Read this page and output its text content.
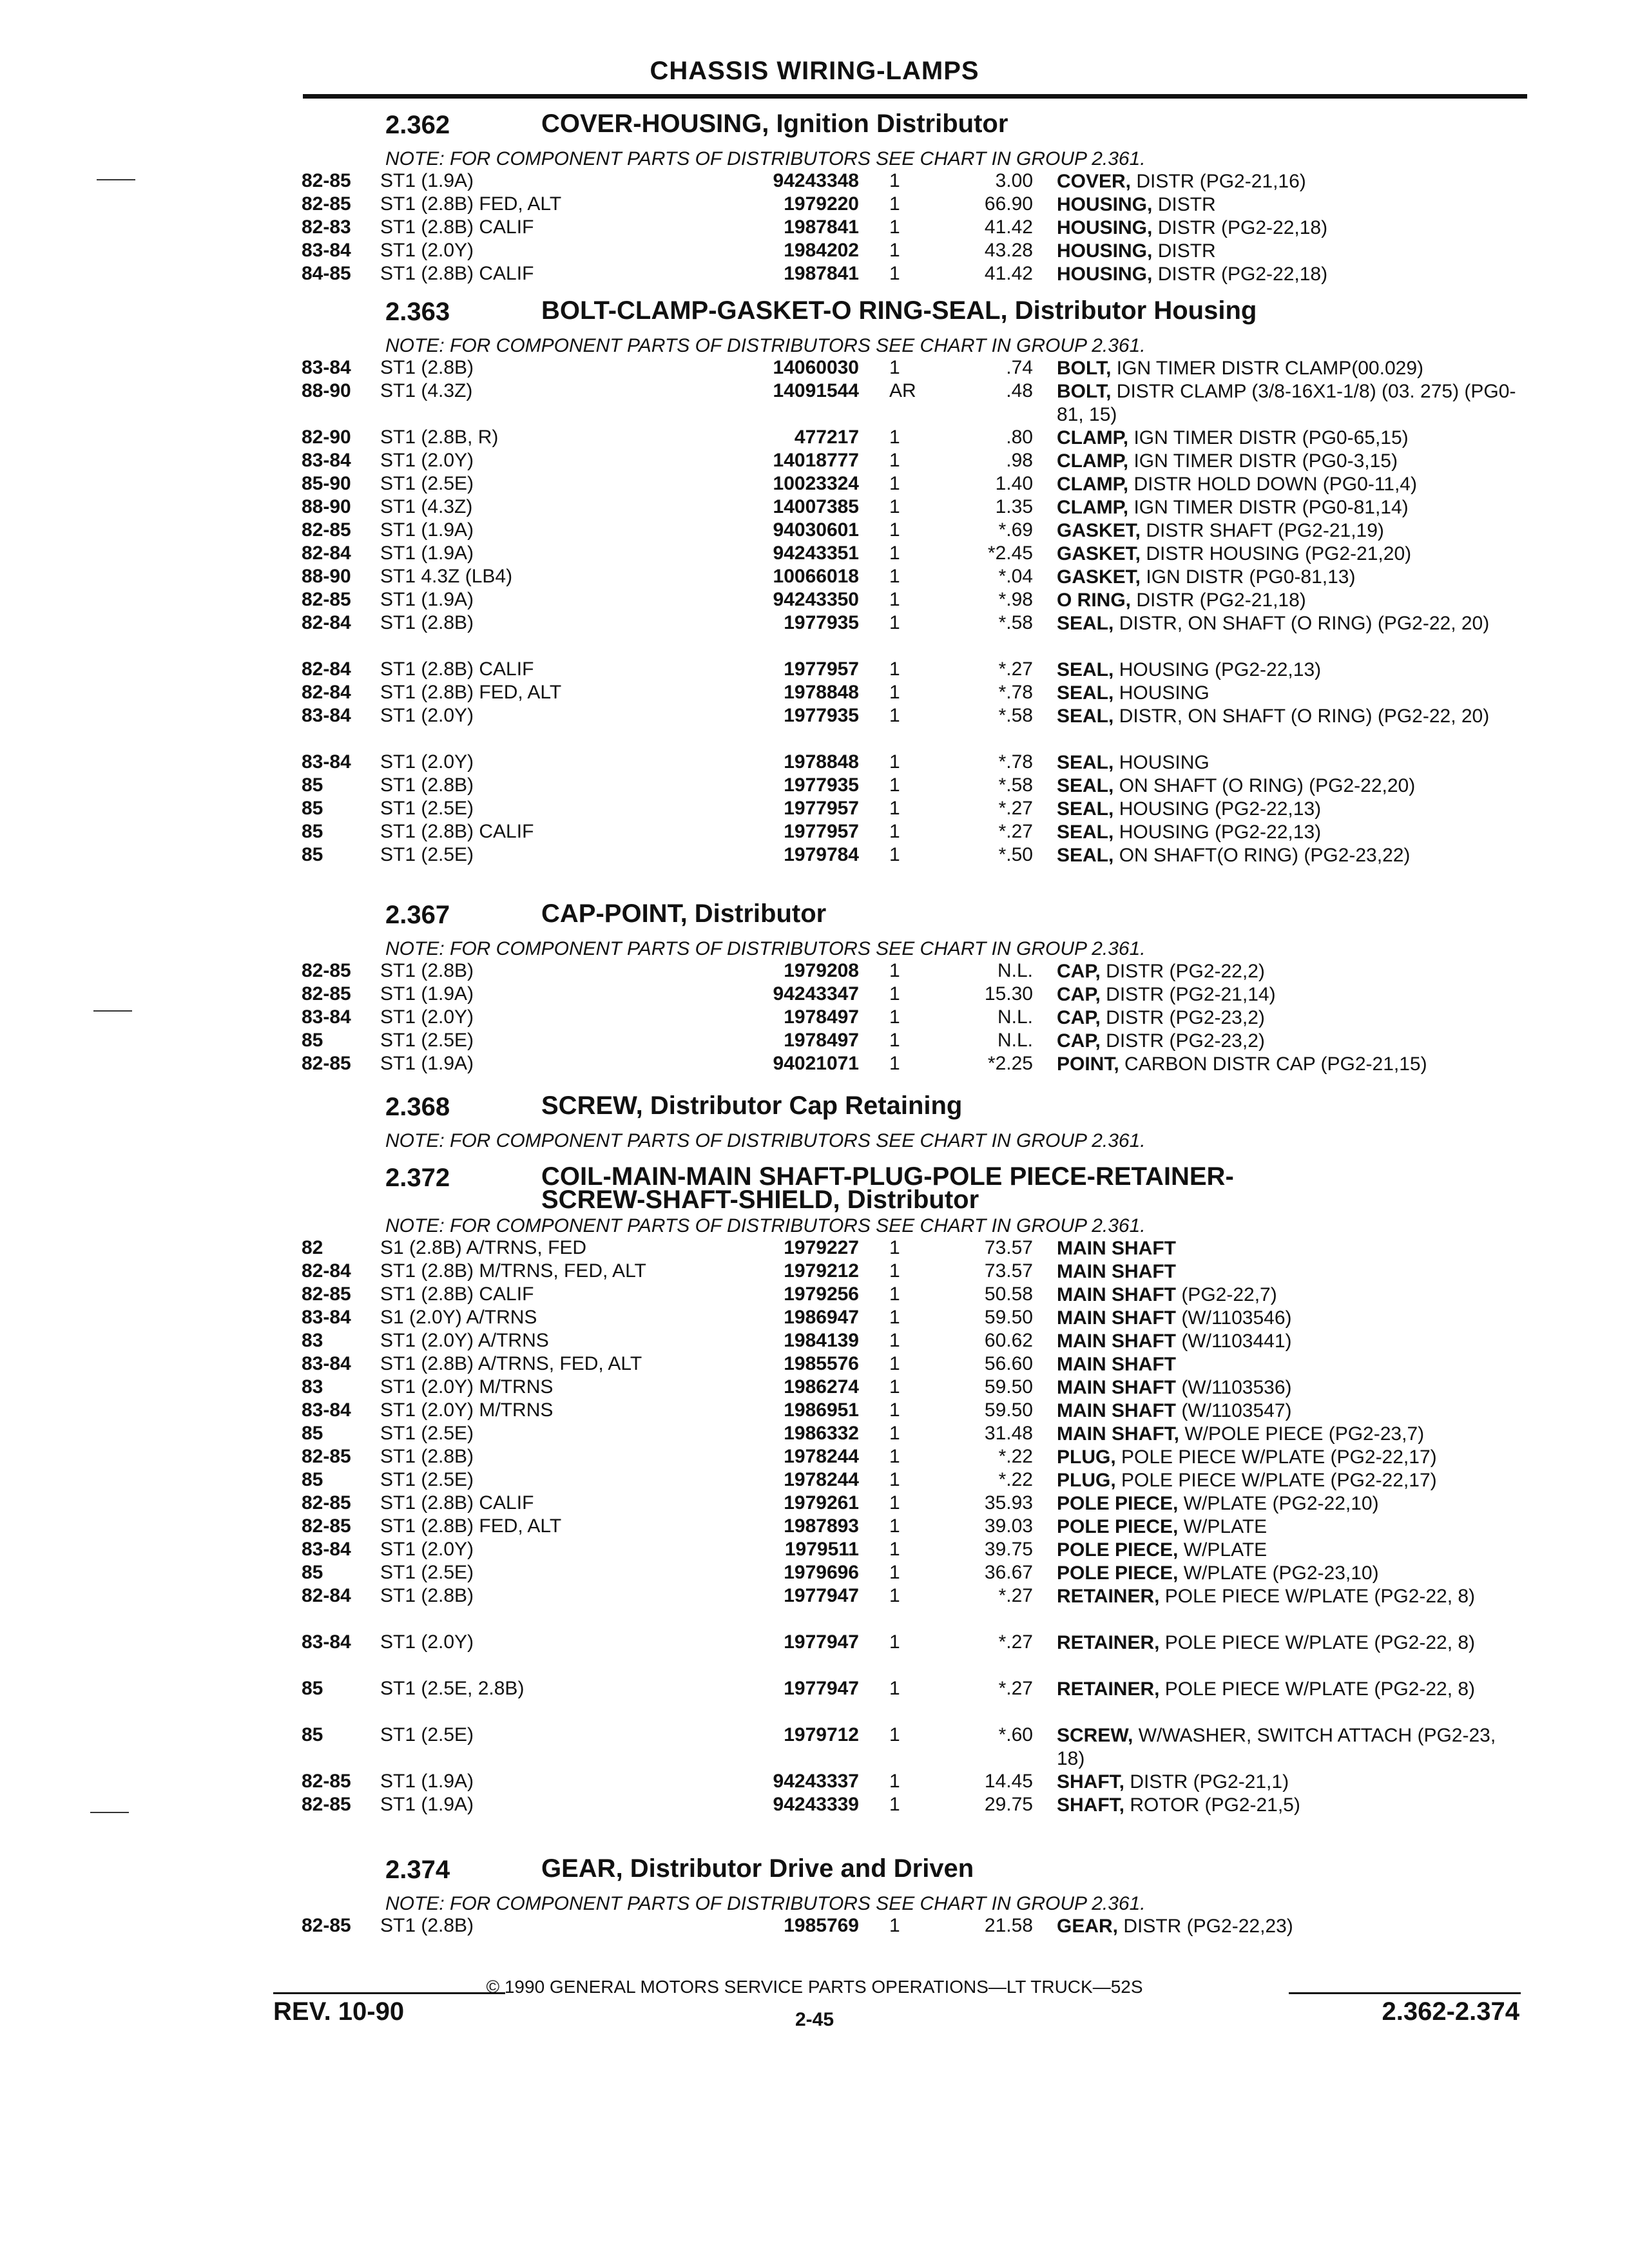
CHASSIS WIRING-LAMPS
2.362	COVER-HOUSING, Ignition Distributor
NOTE: FOR COMPONENT PARTS OF DISTRIBUTORS SEE CHART IN GROUP 2.361.
82-85 ST1 (1.9A)	94243348 1	3.00 COVER, DISTR (PG2-21,16)
82-85 ST1 (2.8B) FED, ALT	1979220 1	66.90 HOUSING, DISTR
82-83 ST1 (2.8B) CALIF	1987841 1	41.42 HOUSING, DISTR (PG2-22,18)
83-84 ST1 (2.0Y)	1984202 1	43.28 HOUSING, DISTR
84-85 ST1 (2.8B) CALIF	1987841 1	41.42 HOUSING, DISTR (PG2-22,18)
2.363	BOLT-CLAMP-GASKET-O RING-SEAL, Distributor Housing
NOTE: FOR COMPONENT PARTS OF DISTRIBUTORS SEE CHART IN GROUP 2.361.
83-84 ST1 (2.8B)	14060030 1	.74 BOLT, IGN TIMER DISTR CLAMP(00.029)
88-90 ST1 (4.3Z)	14091544 AR	.48 BOLT, DISTR CLAMP (3/8-16X1-1/8) (03. 275) (PG0-81, 15)
82-90 ST1 (2.8B, R)	477217 1	.80 CLAMP, IGN TIMER DISTR (PG0-65,15)
83-84 ST1 (2.0Y)	14018777 1	.98 CLAMP, IGN TIMER DISTR (PG0-3,15)
85-90 ST1 (2.5E)	10023324 1	1.40 CLAMP, DISTR HOLD DOWN (PG0-11,4)
88-90 ST1 (4.3Z)	14007385 1	1.35 CLAMP, IGN TIMER DISTR (PG0-81,14)
82-85 ST1 (1.9A)	94030601 1	*.69 GASKET, DISTR SHAFT (PG2-21,19)
82-84 ST1 (1.9A)	94243351 1	*2.45 GASKET, DISTR HOUSING (PG2-21,20)
88-90 ST1 4.3Z (LB4)	10066018 1	*.04 GASKET, IGN DISTR (PG0-81,13)
82-85 ST1 (1.9A)	94243350 1	*.98 O RING, DISTR (PG2-21,18)
82-84 ST1 (2.8B)	1977935 1	*.58 SEAL, DISTR, ON SHAFT (O RING) (PG2-22, 20)
82-84 ST1 (2.8B) CALIF	1977957 1	*.27 SEAL, HOUSING (PG2-22,13)
82-84 ST1 (2.8B) FED, ALT	1978848 1	*.78 SEAL, HOUSING
83-84 ST1 (2.0Y)	1977935 1	*.58 SEAL, DISTR, ON SHAFT (O RING) (PG2-22, 20)
83-84 ST1 (2.0Y)	1978848 1	*.78 SEAL, HOUSING
85	ST1 (2.8B)	1977935 1	*.58 SEAL, ON SHAFT (O RING) (PG2-22,20)
85	ST1 (2.5E)	1977957 1	*.27 SEAL, HOUSING (PG2-22,13)
85	ST1 (2.8B) CALIF	1977957 1	*.27 SEAL, HOUSING (PG2-22,13)
85	ST1 (2.5E)	1979784 1	*.50 SEAL, ON SHAFT(O RING) (PG2-23,22)
2.367	CAP-POINT, Distributor
NOTE: FOR COMPONENT PARTS OF DISTRIBUTORS SEE CHART IN GROUP 2.361.
82-85 ST1 (2.8B)	1979208 1	N.L. CAP, DISTR (PG2-22,2)
82-85 ST1 (1.9A)	94243347 1	15.30 CAP, DISTR (PG2-21,14)
83-84 ST1 (2.0Y)	1978497 1	N.L. CAP, DISTR (PG2-23,2)
85	ST1 (2.5E)	1978497 1	N.L. CAP, DISTR (PG2-23,2)
82-85 ST1 (1.9A)	94021071 1	*2.25 POINT, CARBON DISTR CAP (PG2-21,15)
2.368	SCREW, Distributor Cap Retaining
NOTE: FOR COMPONENT PARTS OF DISTRIBUTORS SEE CHART IN GROUP 2.361.
2.372	COIL-MAIN-MAIN SHAFT-PLUG-POLE PIECE-RETAINER-
SCREW-SHAFT-SHIELD, Distributor
NOTE: FOR COMPONENT PARTS OF DISTRIBUTORS SEE CHART IN GROUP 2.361.
82	S1 (2.8B) A/TRNS, FED	1979227 1	73.57 MAIN SHAFT
82-84 ST1 (2.8B) M/TRNS, FED, ALT	1979212 1	73.57 MAIN SHAFT
82-85 ST1 (2.8B) CALIF	1979256 1	50.58 MAIN SHAFT (PG2-22,7)
83-84 S1 (2.0Y) A/TRNS	1986947 1	59.50 MAIN SHAFT (W/1103546)
83	ST1 (2.0Y) A/TRNS	1984139 1	60.62 MAIN SHAFT (W/1103441)
83-84 ST1 (2.8B) A/TRNS, FED, ALT	1985576 1	56.60 MAIN SHAFT
83	ST1 (2.0Y) M/TRNS	1986274 1	59.50 MAIN SHAFT (W/1103536)
83-84 ST1 (2.0Y) M/TRNS	1986951 1	59.50 MAIN SHAFT (W/1103547)
85	ST1 (2.5E)	1986332 1	31.48 MAIN SHAFT, W/POLE PIECE (PG2-23,7)
82-85 ST1 (2.8B)	1978244 1	*.22 PLUG, POLE PIECE W/PLATE (PG2-22,17)
85	ST1 (2.5E)	1978244 1	*.22 PLUG, POLE PIECE W/PLATE (PG2-22,17)
82-85 ST1 (2.8B) CALIF	1979261 1	35.93 POLE PIECE, W/PLATE (PG2-22,10)
82-85 ST1 (2.8B) FED, ALT	1987893 1	39.03 POLE PIECE, W/PLATE
83-84 ST1 (2.0Y)	1979511 1	39.75 POLE PIECE, W/PLATE
85	ST1 (2.5E)	1979696 1	36.67 POLE PIECE, W/PLATE (PG2-23,10)
82-84 ST1 (2.8B)	1977947 1	*.27 RETAINER, POLE PIECE W/PLATE (PG2-22, 8)
83-84 ST1 (2.0Y)	1977947 1	*.27 RETAINER, POLE PIECE W/PLATE (PG2-22, 8)
85	ST1 (2.5E, 2.8B)	1977947 1	*.27 RETAINER, POLE PIECE W/PLATE (PG2-22, 8)
85	ST1 (2.5E)	1979712 1	*.60 SCREW, W/WASHER, SWITCH ATTACH (PG2-23, 18)
82-85 ST1 (1.9A)	94243337 1	14.45 SHAFT, DISTR (PG2-21,1)
82-85 ST1 (1.9A)	94243339 1	29.75 SHAFT, ROTOR (PG2-21,5)
2.374	GEAR, Distributor Drive and Driven
NOTE: FOR COMPONENT PARTS OF DISTRIBUTORS SEE CHART IN GROUP 2.361.
82-85 ST1 (2.8B)	1985769 1	21.58 GEAR, DISTR (PG2-22,23)
© 1990 GENERAL MOTORS SERVICE PARTS OPERATIONS—LT TRUCK—52S
REV. 10-90	2-45	2.362-2.374
